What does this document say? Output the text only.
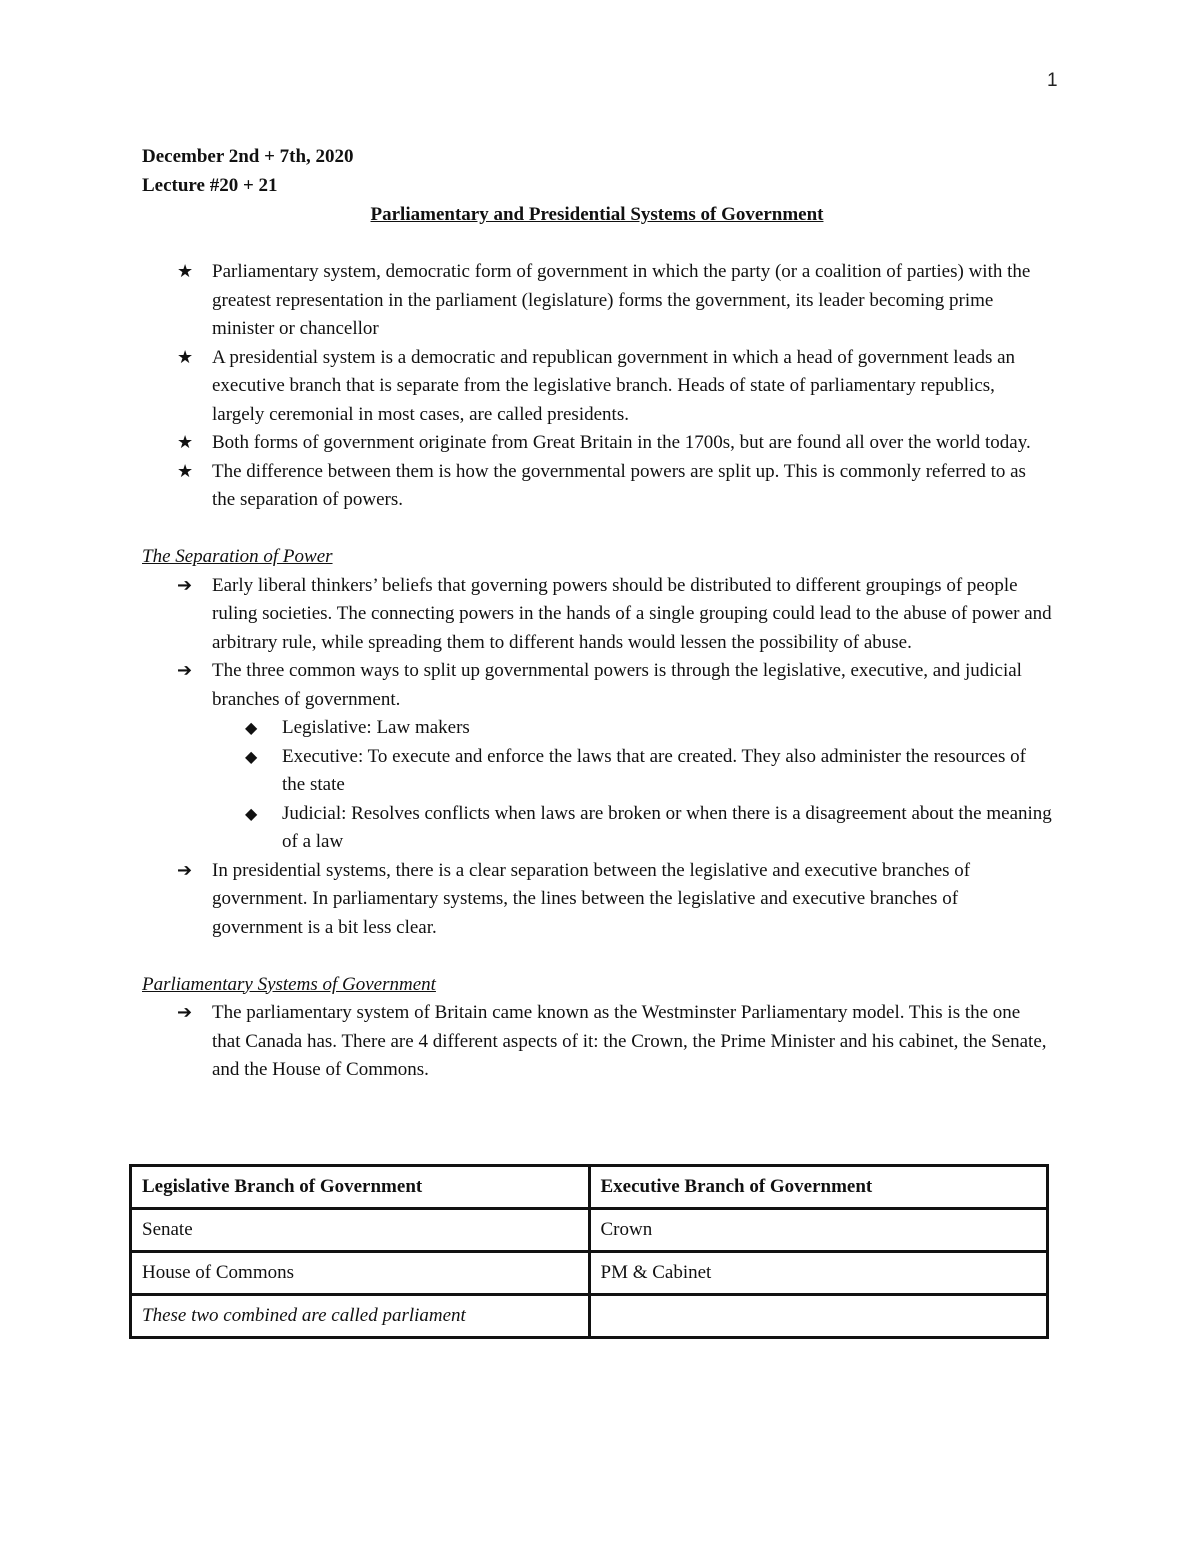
1
December 2nd + 7th, 2020
Lecture #20 + 21
Parliamentary and Presidential Systems of Government
★ Parliamentary system, democratic form of government in which the party (or a coalition of parties) with the greatest representation in the parliament (legislature) forms the government, its leader becoming prime minister or chancellor
★ A presidential system is a democratic and republican government in which a head of government leads an executive branch that is separate from the legislative branch. Heads of state of parliamentary republics, largely ceremonial in most cases, are called presidents.
★ Both forms of government originate from Great Britain in the 1700s, but are found all over the world today.
★ The difference between them is how the governmental powers are split up. This is commonly referred to as the separation of powers.
The Separation of Power
➔ Early liberal thinkers’ beliefs that governing powers should be distributed to different groupings of people ruling societies. The connecting powers in the hands of a single grouping could lead to the abuse of power and arbitrary rule, while spreading them to different hands would lessen the possibility of abuse.
➔ The three common ways to split up governmental powers is through the legislative, executive, and judicial branches of government.
◆ Legislative: Law makers
◆ Executive: To execute and enforce the laws that are created. They also administer the resources of the state
◆ Judicial: Resolves conflicts when laws are broken or when there is a disagreement about the meaning of a law
➔ In presidential systems, there is a clear separation between the legislative and executive branches of government. In parliamentary systems, the lines between the legislative and executive branches of government is a bit less clear.
Parliamentary Systems of Government
➔ The parliamentary system of Britain came known as the Westminster Parliamentary model. This is the one that Canada has. There are 4 different aspects of it: the Crown, the Prime Minister and his cabinet, the Senate, and the House of Commons.
Legislative Branch of Government	Executive Branch of Government
Senate	Crown
House of Commons	PM & Cabinet
These two combined are called parliament	
